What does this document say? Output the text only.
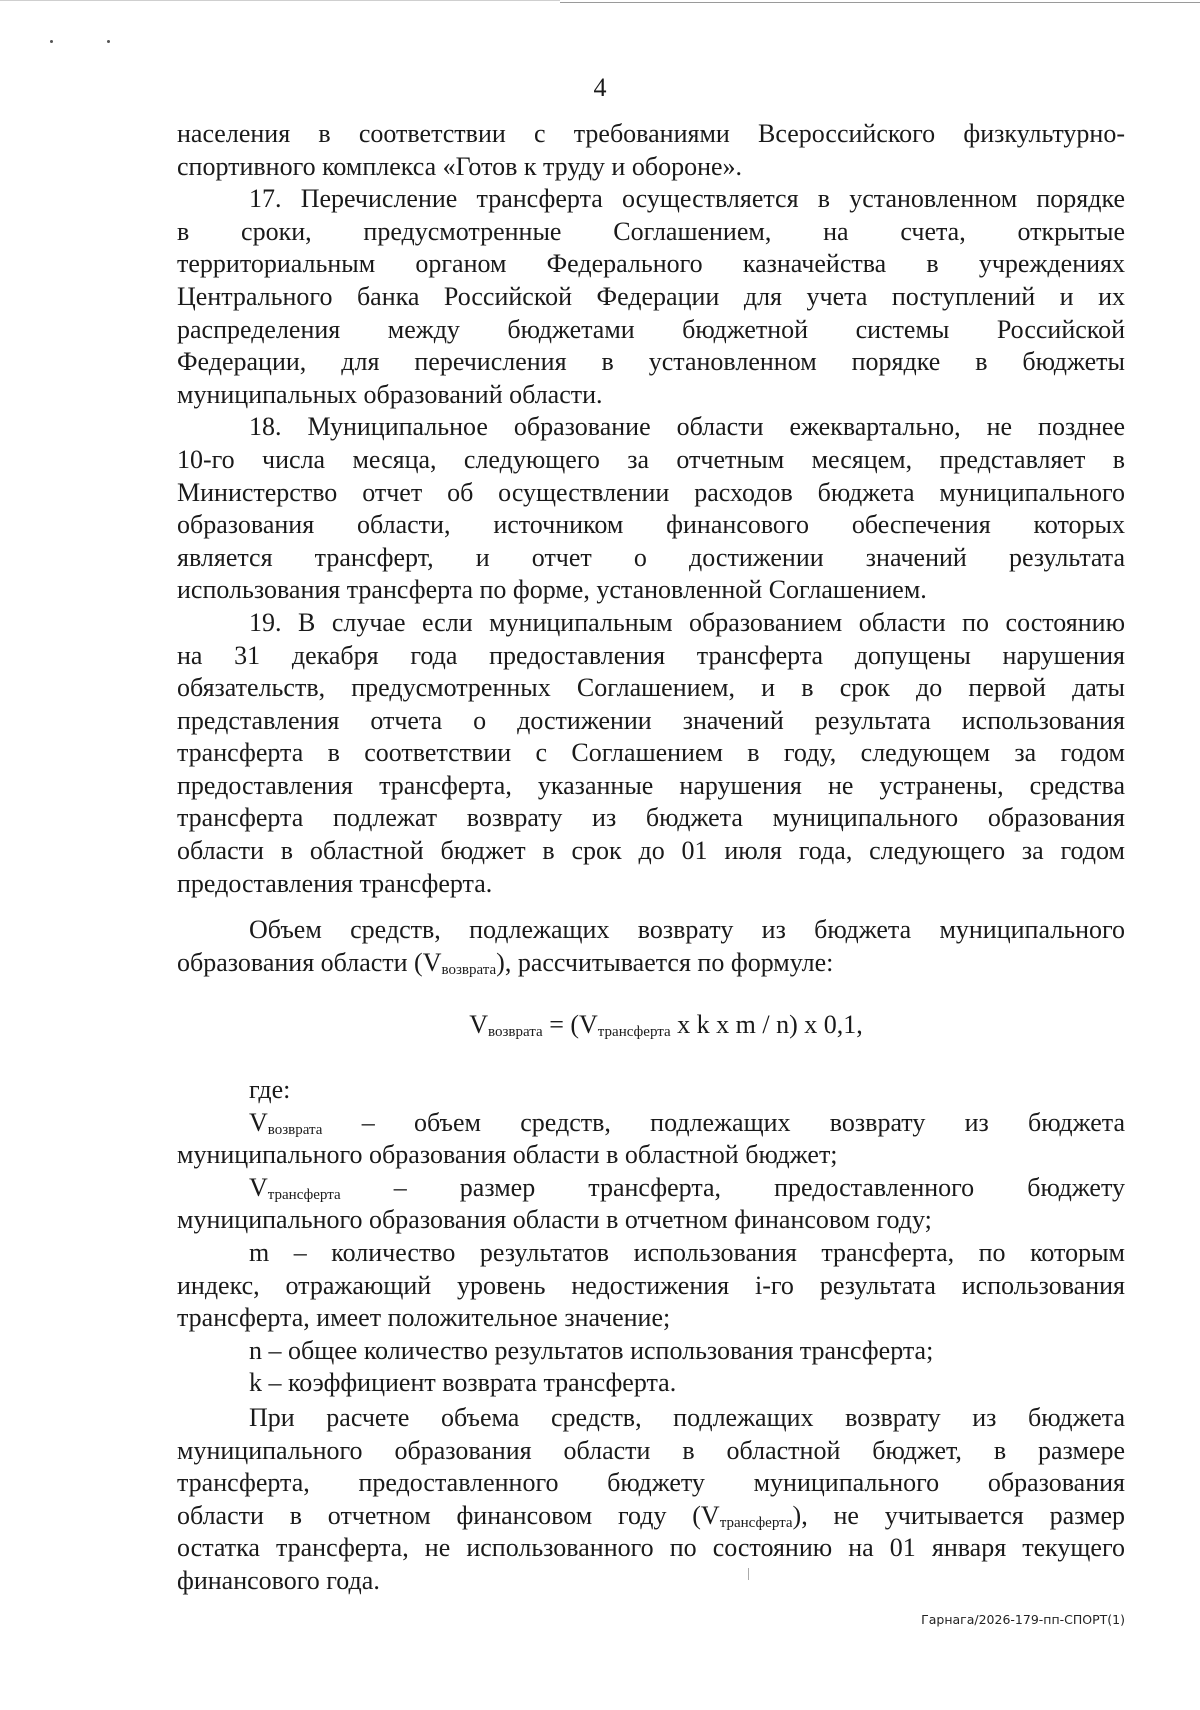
4
населения в соответствии с требованиями Всероссийского физкультурно-
спортивного комплекса «Готов к труду и обороне».
17. Перечисление трансферта осуществляется в установленном порядке
в сроки, предусмотренные Соглашением, на счета, открытые
территориальным органом Федерального казначейства в учреждениях
Центрального банка Российской Федерации для учета поступлений и их
распределения между бюджетами бюджетной системы Российской
Федерации, для перечисления в установленном порядке в бюджеты
муниципальных образований области.
18. Муниципальное образование области ежеквартально, не позднее
10-го числа месяца, следующего за отчетным месяцем, представляет в
Министерство отчет об осуществлении расходов бюджета муниципального
образования области, источником финансового обеспечения которых
является трансферт, и отчет о достижении значений результата
использования трансферта по форме, установленной Соглашением.
19. В случае если муниципальным образованием области по состоянию
на 31 декабря года предоставления трансферта допущены нарушения
обязательств, предусмотренных Соглашением, и в срок до первой даты
представления отчета о достижении значений результата использования
трансферта в соответствии с Соглашением в году, следующем за годом
предоставления трансферта, указанные нарушения не устранены, средства
трансферта подлежат возврату из бюджета муниципального образования
области в областной бюджет в срок до 01 июля года, следующего за годом
предоставления трансферта.
Объем средств, подлежащих возврату из бюджета муниципального
образования области $(V_{возврата})$, рассчитывается по формуле:
$V_{возврата} = (V_{трансферта}$ x k x m / n) x 0,1,
где:
$V_{возврата}$ – объем средств, подлежащих возврату из бюджета
муниципального образования области в областной бюджет;
$V_{трансферта}$ – размер трансферта, предоставленного бюджету
муниципального образования области в отчетном финансовом году;
m – количество результатов использования трансферта, по которым
индекс, отражающий уровень недостижения i-го результата использования
трансферта, имеет положительное значение;
n – общее количество результатов использования трансферта;
k – коэффициент возврата трансферта.
При расчете объема средств, подлежащих возврату из бюджета
муниципального образования области в областной бюджет, в размере
трансферта, предоставленного бюджету муниципального образования
области в отчетном финансовом году $(V_{трансферта})$, не учитывается размер
остатка трансферта, не использованного по состоянию на 01 января текущего
финансового года.
Гарнага/2026-179-пп-СПОРТ(1)
